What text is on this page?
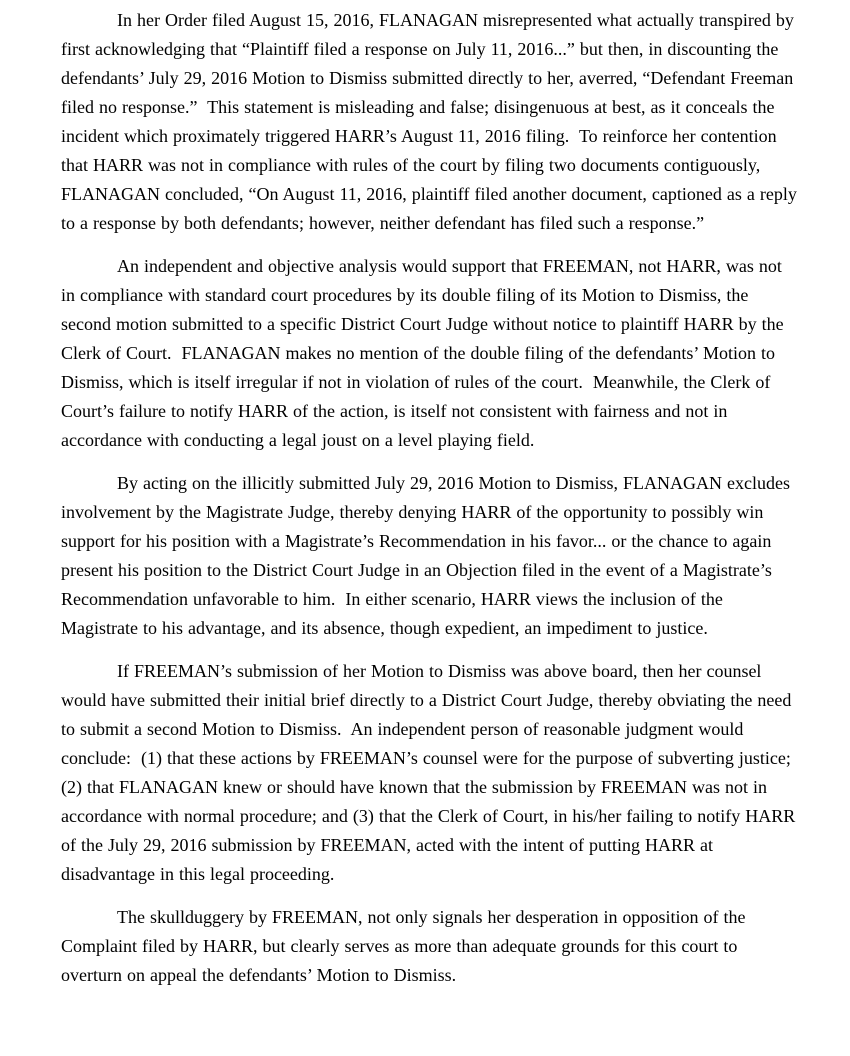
In her Order filed August 15, 2016, FLANAGAN misrepresented what actually transpired by first acknowledging that “Plaintiff filed a response on July 11, 2016...” but then, in discounting the defendants’ July 29, 2016 Motion to Dismiss submitted directly to her, averred, “Defendant Freeman filed no response.”  This statement is misleading and false; disingenuous at best, as it conceals the incident which proximately triggered HARR’s August 11, 2016 filing.  To reinforce her contention that HARR was not in compliance with rules of the court by filing two documents contiguously, FLANAGAN concluded, “On August 11, 2016, plaintiff filed another document, captioned as a reply to a response by both defendants; however, neither defendant has filed such a response.”

An independent and objective analysis would support that FREEMAN, not HARR, was not in compliance with standard court procedures by its double filing of its Motion to Dismiss, the second motion submitted to a specific District Court Judge without notice to plaintiff HARR by the Clerk of Court.  FLANAGAN makes no mention of the double filing of the defendants’ Motion to Dismiss, which is itself irregular if not in violation of rules of the court.  Meanwhile, the Clerk of Court’s failure to notify HARR of the action, is itself not consistent with fairness and not in accordance with conducting a legal joust on a level playing field.

By acting on the illicitly submitted July 29, 2016 Motion to Dismiss, FLANAGAN excludes involvement by the Magistrate Judge, thereby denying HARR of the opportunity to possibly win support for his position with a Magistrate’s Recommendation in his favor... or the chance to again present his position to the District Court Judge in an Objection filed in the event of a Magistrate’s Recommendation unfavorable to him.  In either scenario, HARR views the inclusion of the Magistrate to his advantage, and its absence, though expedient, an impediment to justice.

If FREEMAN’s submission of her Motion to Dismiss was above board, then her counsel would have submitted their initial brief directly to a District Court Judge, thereby obviating the need to submit a second Motion to Dismiss.  An independent person of reasonable judgment would conclude:  (1) that these actions by FREEMAN’s counsel were for the purpose of subverting justice; (2) that FLANAGAN knew or should have known that the submission by FREEMAN was not in accordance with normal procedure; and (3) that the Clerk of Court, in his/her failing to notify HARR of the July 29, 2016 submission by FREEMAN, acted with the intent of putting HARR at disadvantage in this legal proceeding.

The skullduggery by FREEMAN, not only signals her desperation in opposition of the Complaint filed by HARR, but clearly serves as more than adequate grounds for this court to overturn on appeal the defendants’ Motion to Dismiss.
